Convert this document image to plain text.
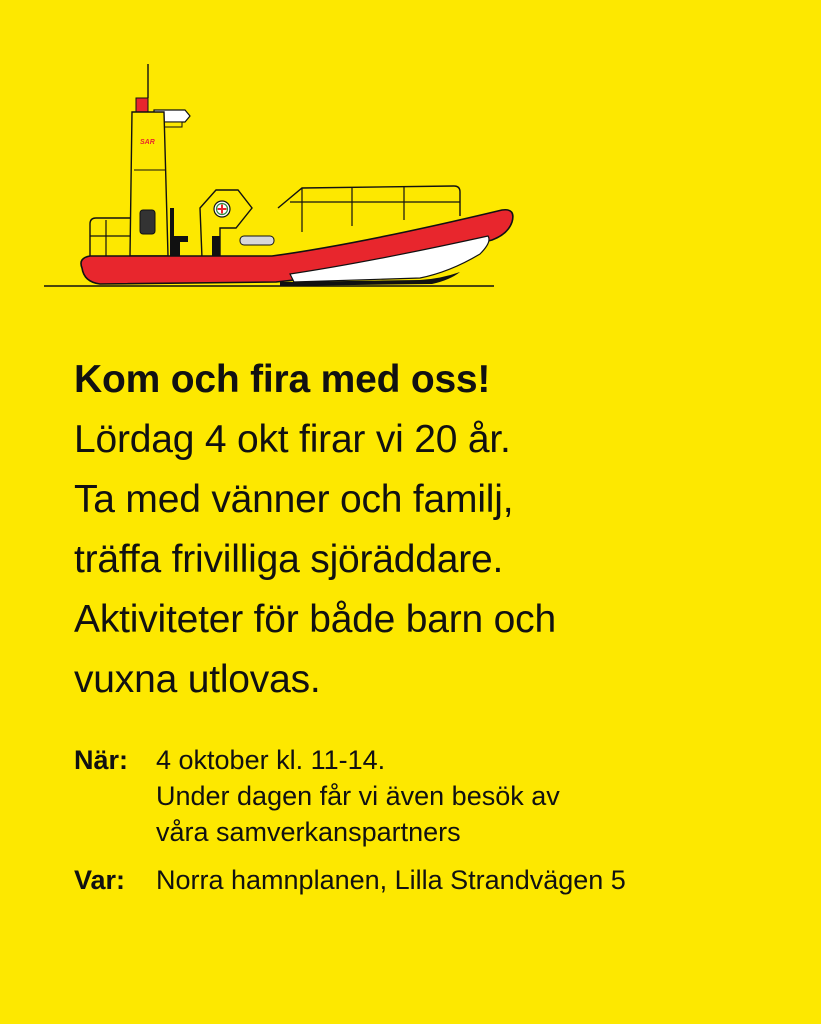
SAR
Kom och fira med oss!
Lördag 4 okt firar vi 20 år.
Ta med vänner och familj,
träffa frivilliga sjöräddare.
Aktiviteter för både barn och
vuxna utlovas.
När:	4 oktober kl. 11-14.
Under dagen får vi även besök av
våra samverkanspartners
Var:	Norra hamnplanen, Lilla Strandvägen 5
